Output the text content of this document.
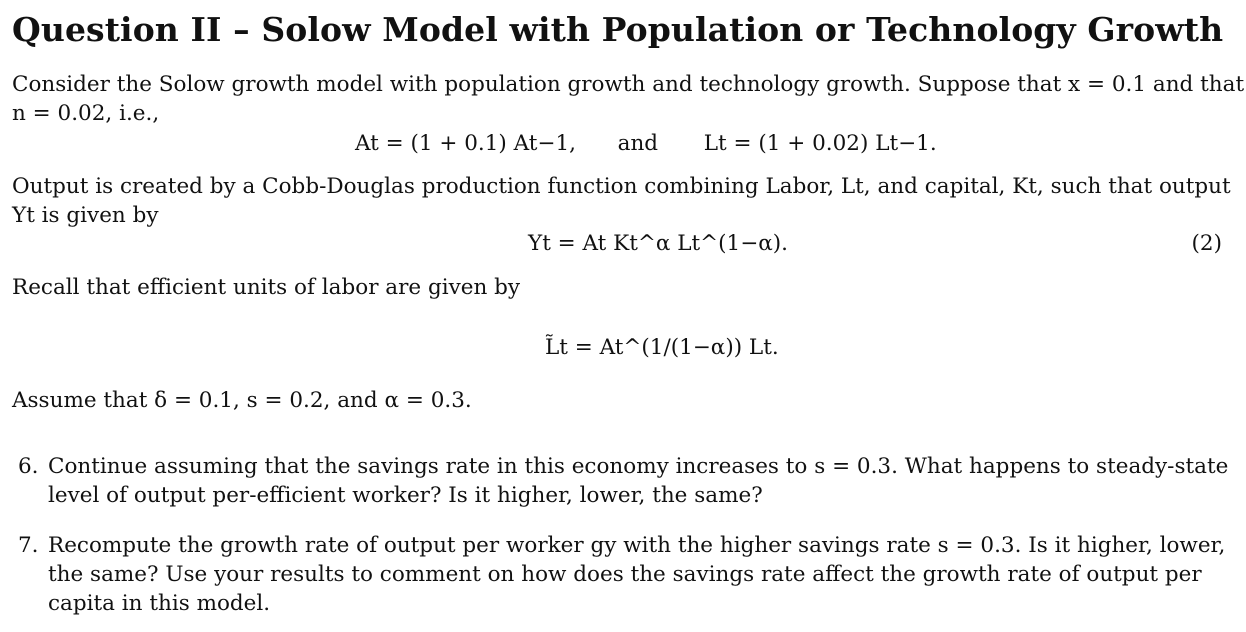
Question II – Solow Model with Population or Technology Growth
Consider the Solow growth model with population growth and technology growth. Suppose that x = 0.1 and that
n = 0.02, i.e.,
At = (1 + 0.1) At−1, and Lt = (1 + 0.02) Lt−1.
Output is created by a Cobb-Douglas production function combining Labor, Lt, and capital, Kt, such that output
Yt is given by
Yt = At Kt^α Lt^(1−α).	(2)
Recall that efficient units of labor are given by
L̃t = At^(1/(1−α)) Lt.
Assume that δ = 0.1, s = 0.2, and α = 0.3.
6. Continue assuming that the savings rate in this economy increases to s = 0.3. What happens to steady-state
level of output per-efficient worker? Is it higher, lower, the same?
7. Recompute the growth rate of output per worker gy with the higher savings rate s = 0.3. Is it higher, lower,
the same? Use your results to comment on how does the savings rate affect the growth rate of output per
capita in this model.
